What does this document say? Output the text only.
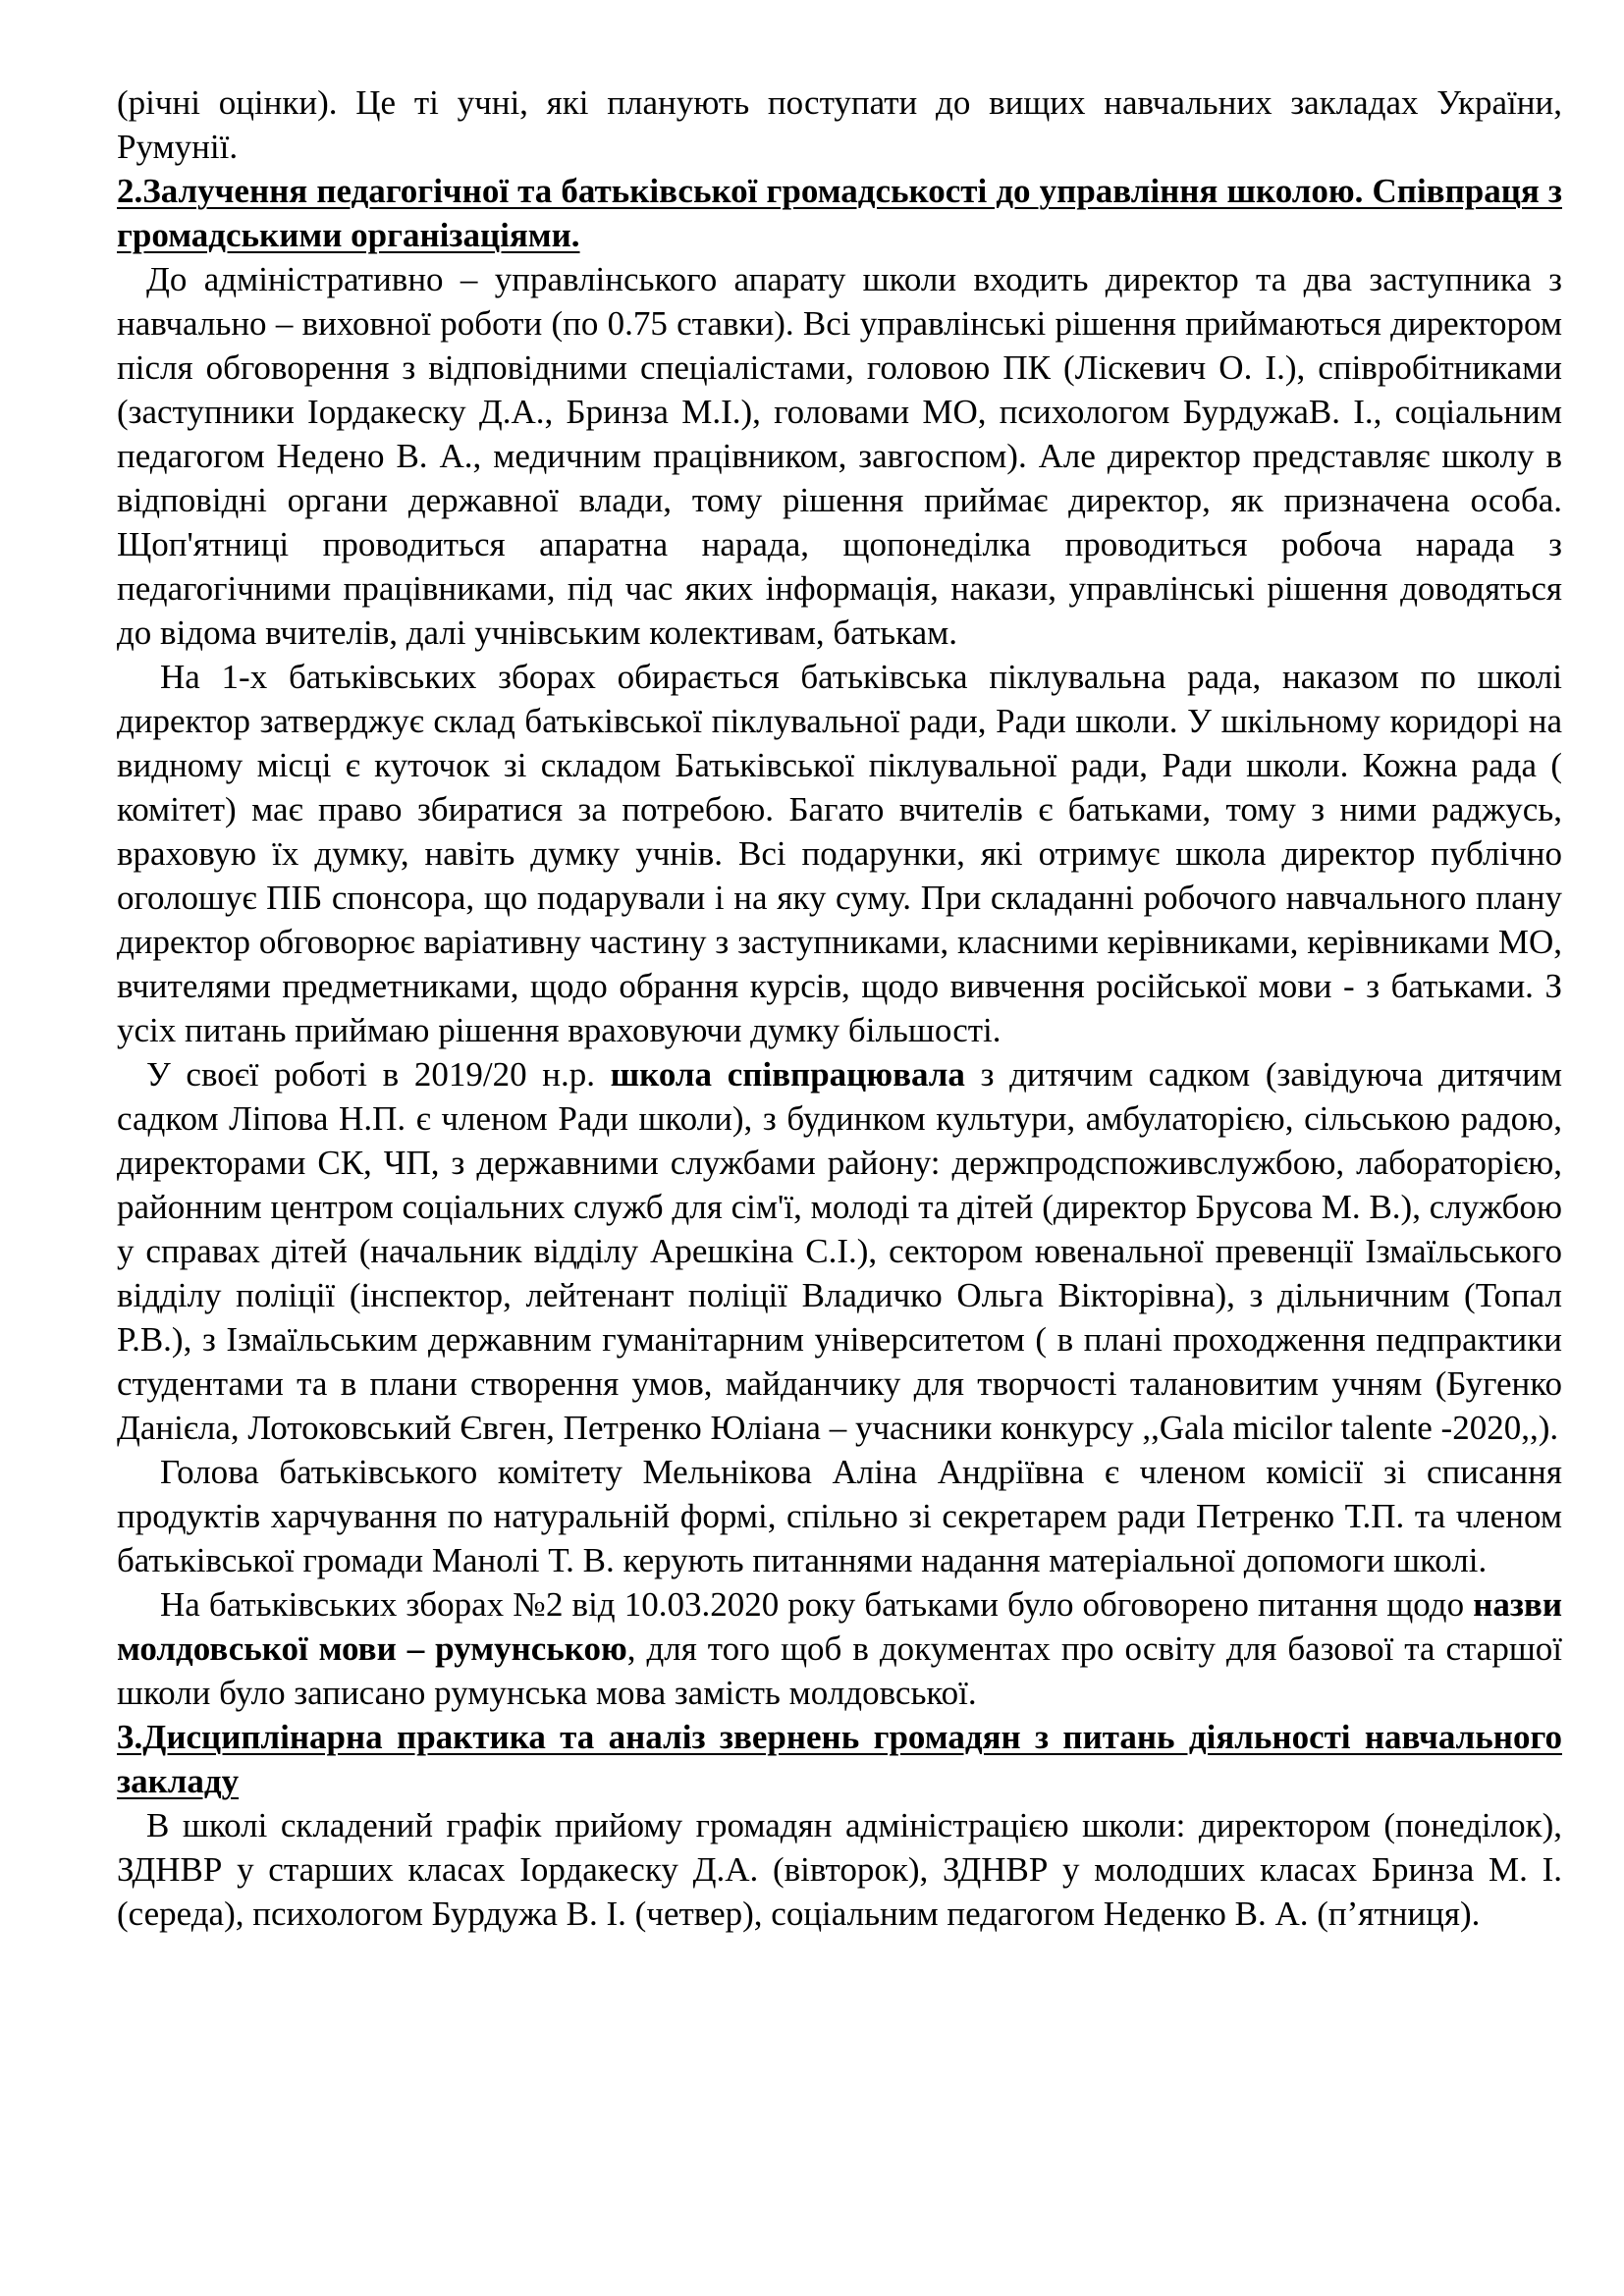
(річні оцінки). Це ті учні, які планують поступати до вищих навчальних закладах України, Румунії.

2.Залучення педагогічної та батьківської громадськості до управління школою. Співпраця з громадськими організаціями.

До адміністративно – управлінського апарату школи входить директор та два заступника з навчально – виховної роботи (по 0.75 ставки). Всі управлінські рішення приймаються директором після обговорення з відповідними спеціалістами, головою ПК (Ліскевич О. І.), співробітниками (заступники Іордакеску Д.А., Бринза М.І.), головами МО, психологом БурдужаВ. І., соціальним педагогом Недено В. А., медичним працівником, завгоспом). Але директор представляє школу в відповідні органи державної влади, тому рішення приймає директор, як призначена особа. Щоп'ятниці проводиться апаратна нарада, щопонеділка проводиться робоча нарада з педагогічними працівниками, під час яких інформація, накази, управлінські рішення доводяться до відома вчителів, далі учнівським колективам, батькам.

На 1-х батьківських зборах обирається батьківська піклувальна рада, наказом по школі директор затверджує склад батьківської піклувальної ради, Ради школи. У шкільному коридорі на видному місці є куточок зі складом Батьківської піклувальної ради, Ради школи. Кожна рада ( комітет) має право збиратися за потребою. Багато вчителів є батьками, тому з ними раджусь, враховую їх думку, навіть думку учнів. Всі подарунки, які отримує школа директор публічно оголошує ПІБ спонсора, що подарували і на яку суму. При складанні робочого навчального плану директор обговорює варіативну частину з заступниками, класними керівниками, керівниками МО, вчителями предметниками, щодо обрання курсів, щодо вивчення російської мови - з батьками. З усіх питань приймаю рішення враховуючи думку більшості.

У своєї роботі в 2019/20 н.р. школа співпрацювала з дитячим садком (завідуюча дитячим садком Ліпова Н.П. є членом Ради школи), з будинком культури, амбулаторією, сільською радою, директорами СК, ЧП, з державними службами району: держпродспоживслужбою, лабораторією, районним центром соціальних служб для сім'ї, молоді та дітей (директор Брусова М. В.), службою у справах дітей (начальник відділу Арешкіна С.І.), сектором ювенальної превенції Ізмаїльського відділу поліції (інспектор, лейтенант поліції Владичко Ольга Вікторівна), з дільничним (Топал Р.В.), з Ізмаїльським державним гуманітарним університетом ( в плані проходження педпрактики студентами та в плани створення умов, майданчику для творчості талановитим учням (Бугенко Данієла, Лотоковський Євген, Петренко Юліана – учасники конкурсу ,,Gala micilor talente -2020,,).

Голова батьківського комітету Мельнікова Аліна Андріївна є членом комісії зі списання продуктів харчування по натуральній формі, спільно зі секретарем ради Петренко Т.П. та членом батьківської громади Манолі Т. В. керують питаннями надання матеріальної допомоги школі.

На батьківських зборах №2 від 10.03.2020 року батьками було обговорено питання щодо назви молдовської мови – румунською, для того щоб в документах про освіту для базової та старшої школи було записано румунська мова замість молдовської.

3.Дисциплінарна практика та аналіз звернень громадян з питань діяльності навчального закладу

В школі складений графік прийому громадян адміністрацією школи: директором (понеділок), ЗДНВР у старших класах Іордакеску Д.А. (вівторок), ЗДНВР у молодших класах Бринза М. І. (середа), психологом Бурдужа В. І. (четвер), соціальним педагогом Неденко В. А. (п’ятниця).
